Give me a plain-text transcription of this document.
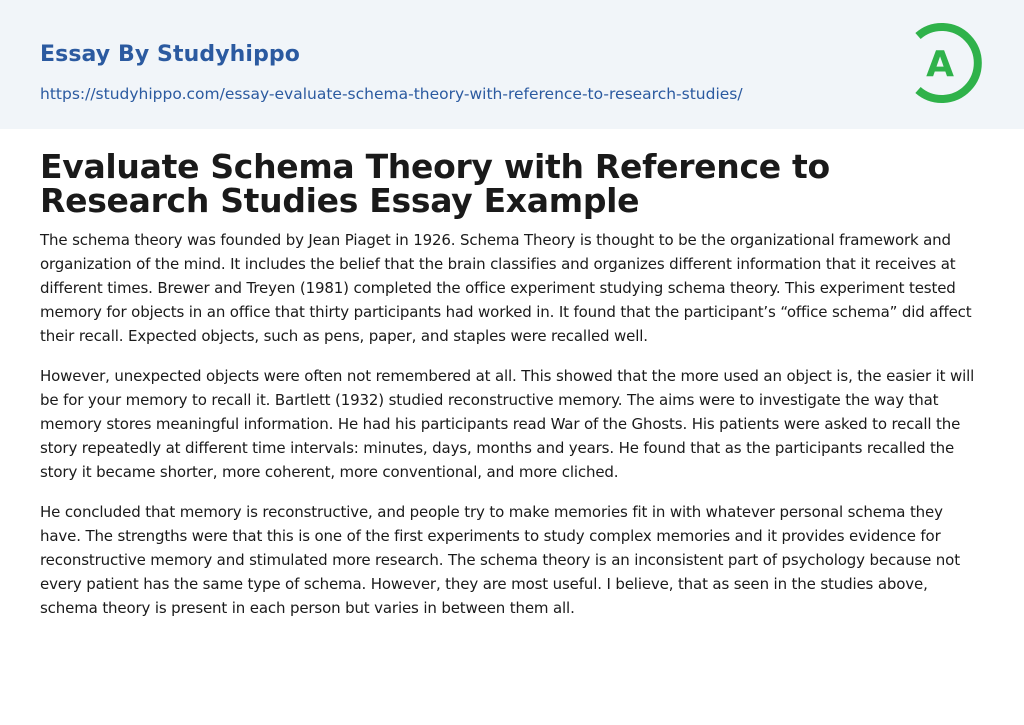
Essay By Studyhippo
https://studyhippo.com/essay-evaluate-schema-theory-with-reference-to-research-studies/
A
Evaluate Schema Theory with Reference to Research Studies Essay Example

The schema theory was founded by Jean Piaget in 1926. Schema Theory is thought to be the organizational framework and organization of the mind. It includes the belief that the brain classifies and organizes different information that it receives at different times. Brewer and Treyen (1981) completed the office experiment studying schema theory. This experiment tested memory for objects in an office that thirty participants had worked in. It found that the participant’s “office schema” did affect their recall. Expected objects, such as pens, paper, and staples were recalled well.

However, unexpected objects were often not remembered at all. This showed that the more used an object is, the easier it will be for your memory to recall it. Bartlett (1932) studied reconstructive memory. The aims were to investigate the way that memory stores meaningful information. He had his participants read War of the Ghosts. His patients were asked to recall the story repeatedly at different time intervals: minutes, days, months and years. He found that as the participants recalled the story it became shorter, more coherent, more conventional, and more cliched.

He concluded that memory is reconstructive, and people try to make memories fit in with whatever personal schema they have. The strengths were that this is one of the first experiments to study complex memories and it provides evidence for reconstructive memory and stimulated more research. The schema theory is an inconsistent part of psychology because not every patient has the same type of schema. However, they are most useful. I believe, that as seen in the studies above, schema theory is present in each person but varies in between them all.
